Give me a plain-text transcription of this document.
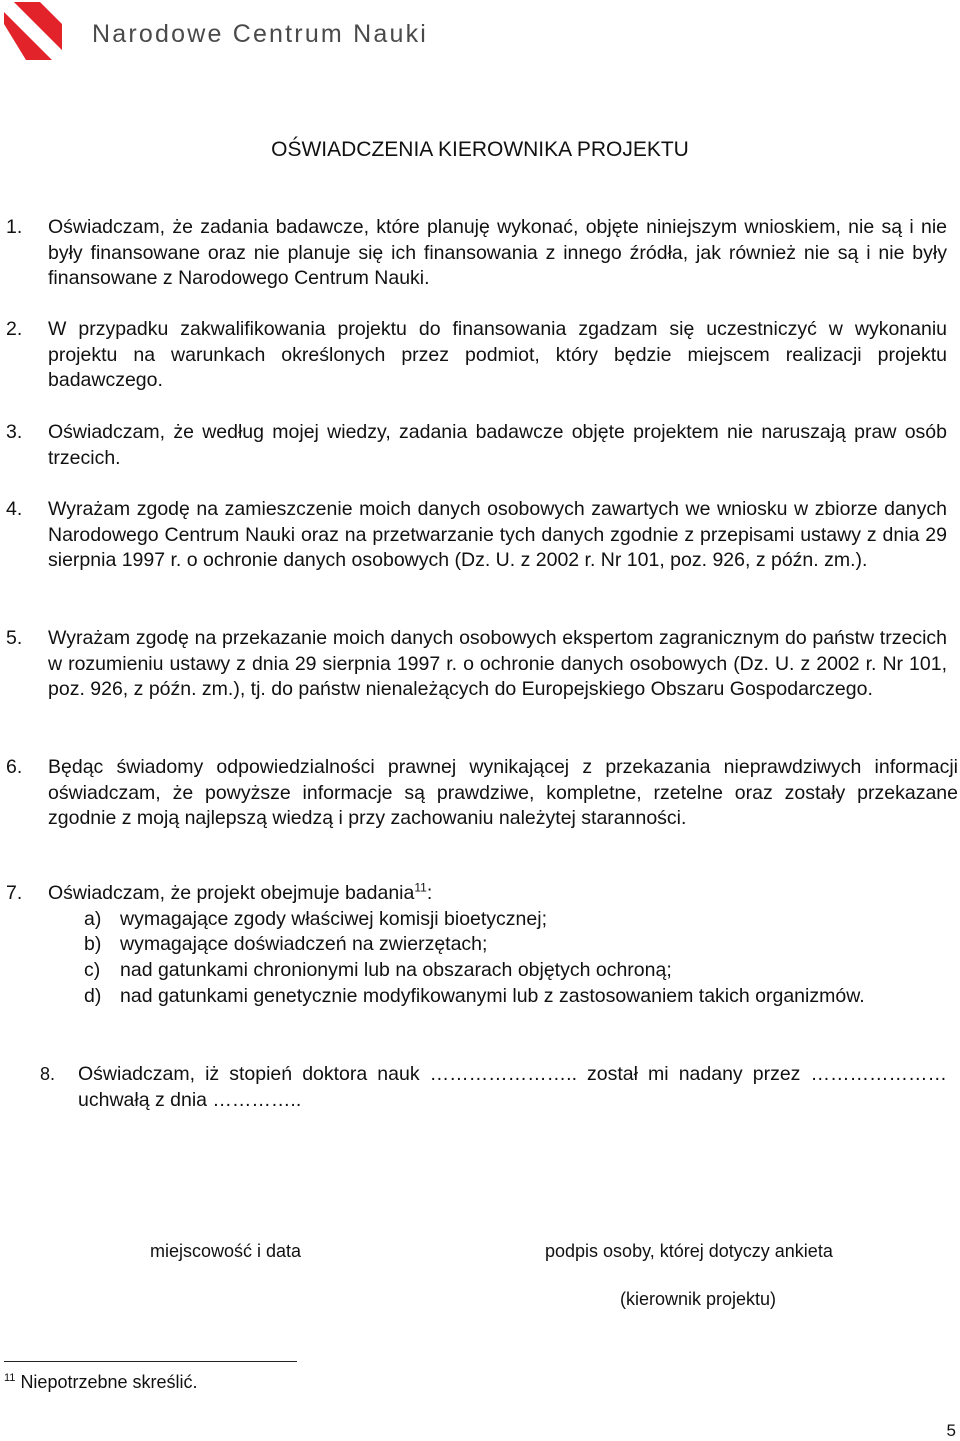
Narodowe Centrum Nauki
OŚWIADCZENIA KIEROWNIKA PROJEKTU
1. Oświadczam, że zadania badawcze, które planuję wykonać, objęte niniejszym wnioskiem, nie są i nie były finansowane oraz nie planuje się ich finansowania z innego źródła, jak również nie są i nie były finansowane z Narodowego Centrum Nauki.
2. W przypadku zakwalifikowania projektu do finansowania zgadzam się uczestniczyć w wykonaniu projektu na warunkach określonych przez podmiot, który będzie miejscem realizacji projektu badawczego.
3. Oświadczam, że według mojej wiedzy, zadania badawcze objęte projektem nie naruszają praw osób trzecich.
4. Wyrażam zgodę na zamieszczenie moich danych osobowych zawartych we wniosku w zbiorze danych Narodowego Centrum Nauki oraz na przetwarzanie tych danych zgodnie z przepisami ustawy z dnia 29 sierpnia 1997 r. o ochronie danych osobowych (Dz. U. z 2002 r. Nr 101, poz. 926, z późn. zm.).
5. Wyrażam zgodę na przekazanie moich danych osobowych ekspertom zagranicznym do państw trzecich w rozumieniu ustawy z dnia 29 sierpnia 1997 r. o ochronie danych osobowych (Dz. U. z 2002 r. Nr 101, poz. 926, z późn. zm.), tj. do państw nienależących do Europejskiego Obszaru Gospodarczego.
6. Będąc świadomy odpowiedzialności prawnej wynikającej z przekazania nieprawdziwych informacji oświadczam, że powyższe informacje są prawdziwe, kompletne, rzetelne oraz zostały przekazane zgodnie z moją najlepszą wiedzą i przy zachowaniu należytej staranności.
7. Oświadczam, że projekt obejmuje badania$^{11}$:
a) wymagające zgody właściwej komisji bioetycznej;
b) wymagające doświadczeń na zwierzętach;
c) nad gatunkami chronionymi lub na obszarach objętych ochroną;
d) nad gatunkami genetycznie modyfikowanymi lub z zastosowaniem takich organizmów.
8. Oświadczam, iż stopień doktora nauk ………………….. został mi nadany przez ………………… uchwałą z dnia …………..
miejscowość i data	podpis osoby, której dotyczy ankieta
(kierownik projektu)
$^{11}$ Niepotrzebne skreślić.
5
